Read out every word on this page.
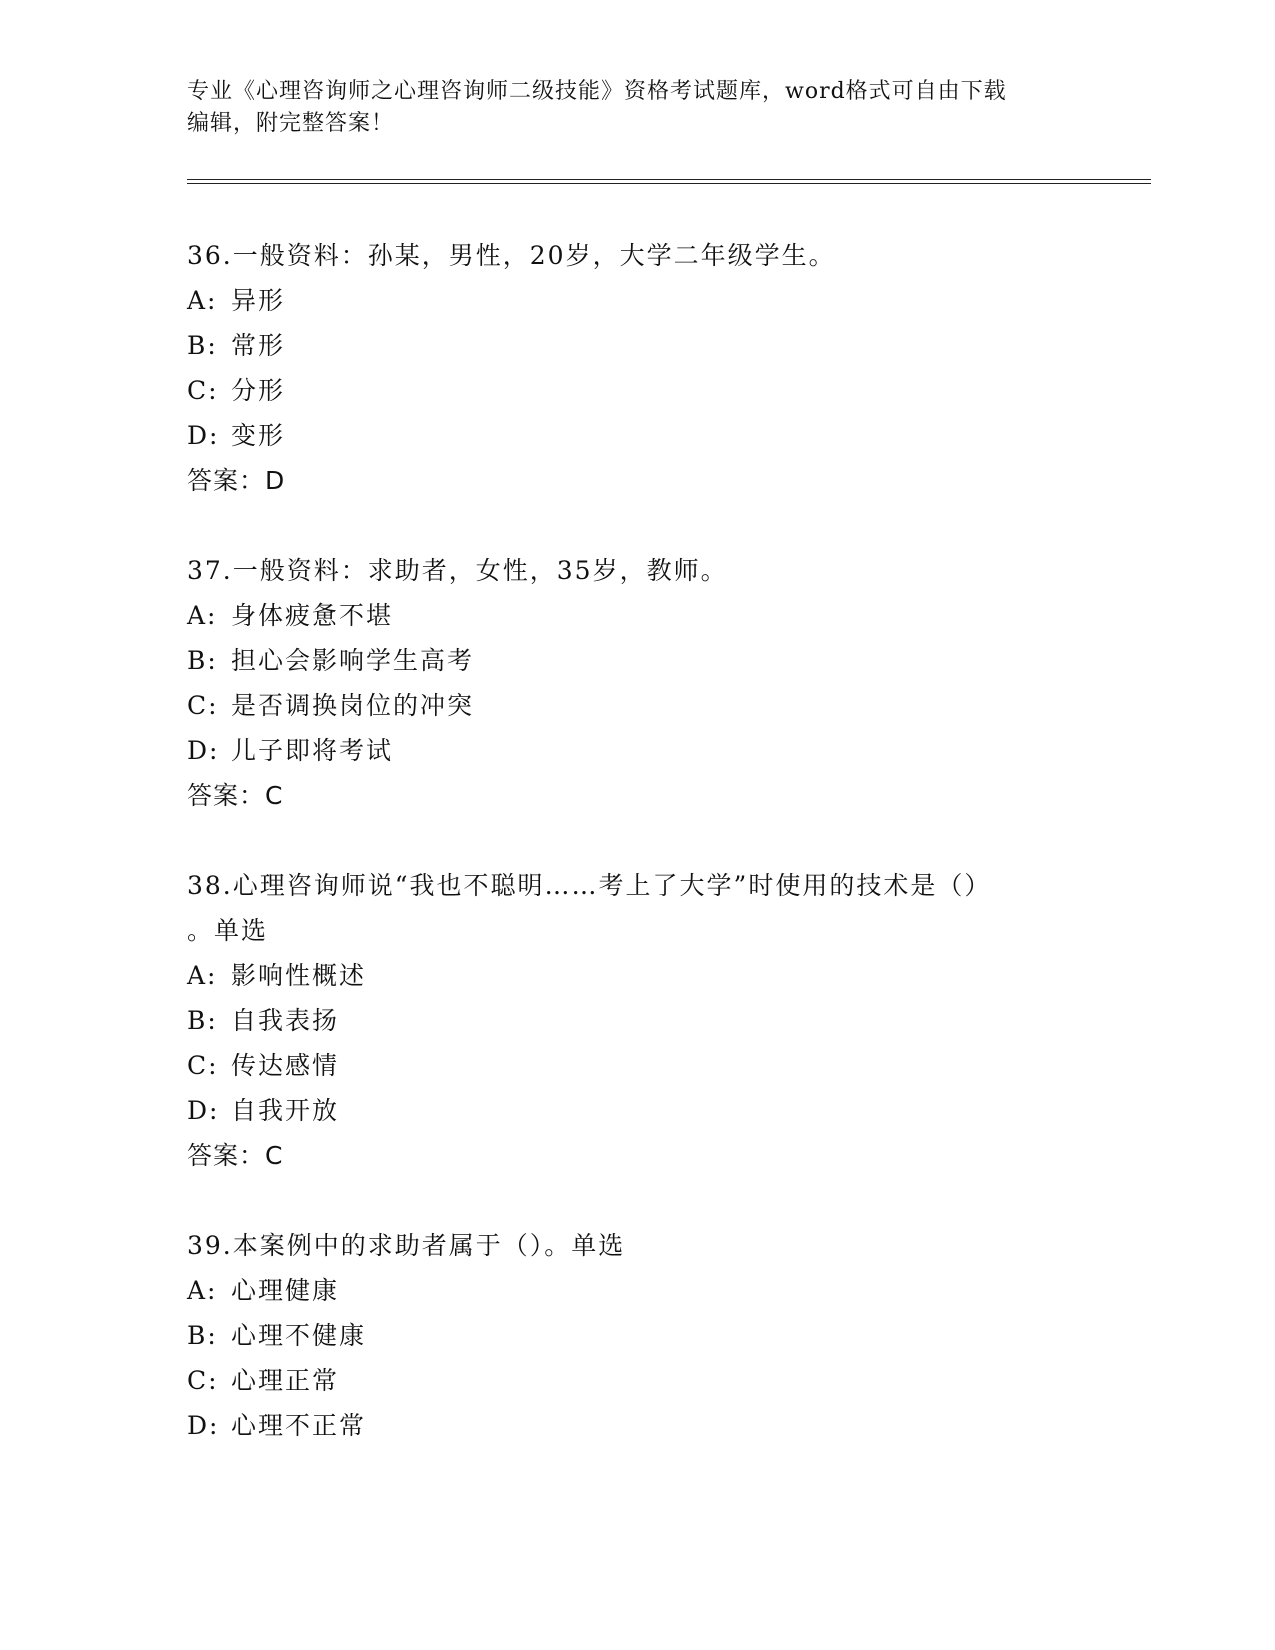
专业《心理咨询师之心理咨询师二级技能》资格考试题库，word格式可自由下载
编辑，附完整答案！
36.一般资料：孙某，男性，20岁，大学二年级学生。
A: 异形
B: 常形
C: 分形
D: 变形
答案：D
37.一般资料：求助者，女性，35岁，教师。
A: 身体疲惫不堪
B: 担心会影响学生高考
C: 是否调换岗位的冲突
D: 儿子即将考试
答案：C
38.心理咨询师说“我也不聪明……考上了大学”时使用的技术是（）
。单选
A: 影响性概述
B: 自我表扬
C: 传达感情
D: 自我开放
答案：C
39.本案例中的求助者属于（）。单选
A: 心理健康
B: 心理不健康
C: 心理正常
D: 心理不正常
